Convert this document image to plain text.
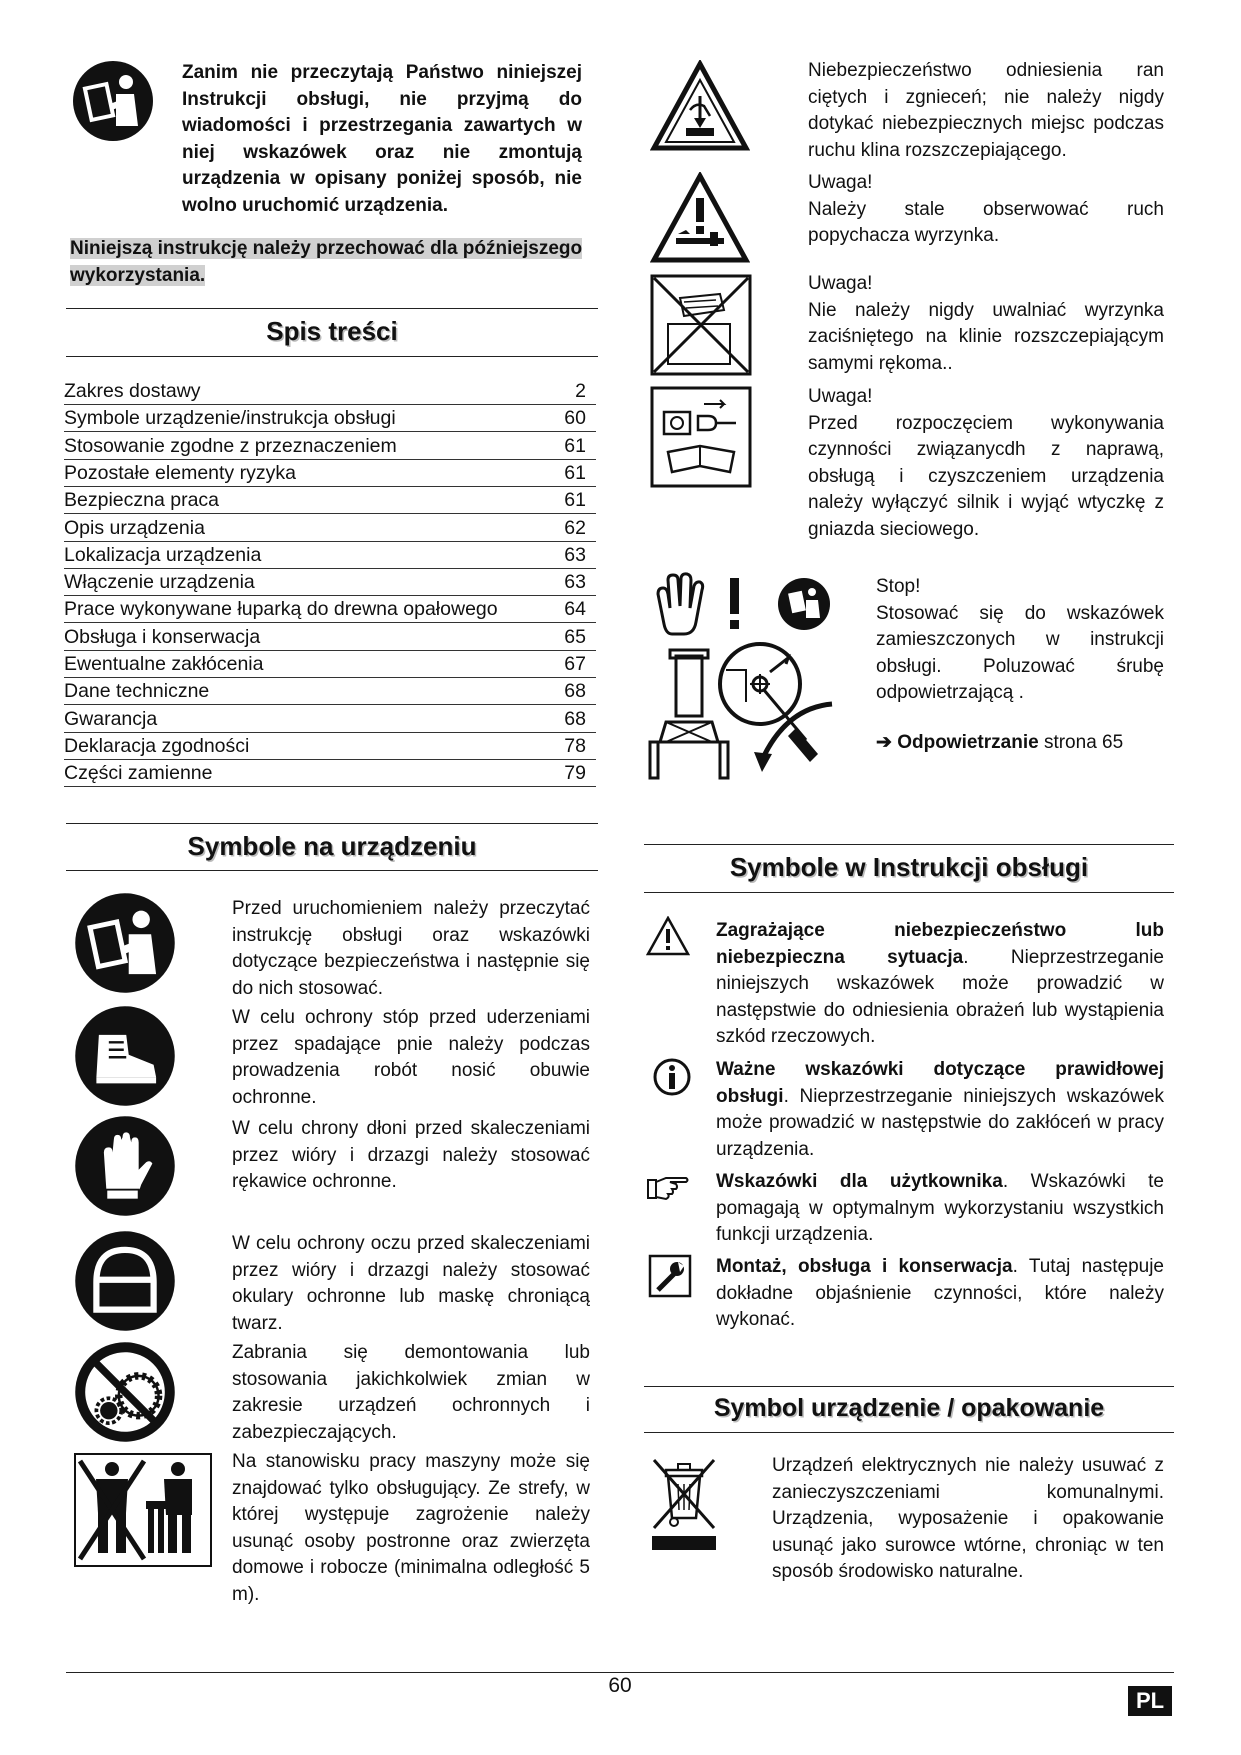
Zanim nie przeczytają Państwo niniejszej Instrukcji obsługi, nie przyjmą do wiadomości i przestrzegania zawartych w niej wskazówek oraz nie zmontują urządzenia w opisany poniżej sposób, nie wolno uruchomić urządzenia.
Niniejszą instrukcję należy przechować dla późniejszego
wykorzystania.
Spis treści
Zakres dostawy	2
Symbole urządzenie/instrukcja obsługi	60
Stosowanie zgodne z przeznaczeniem	61
Pozostałe elementy ryzyka	61
Bezpieczna praca	61
Opis urządzenia	62
Lokalizacja urządzenia	63
Włączenie urządzenia	63
Prace wykonywane łuparką do drewna opałowego	64
Obsługa i konserwacja	65
Ewentualne zakłócenia	67
Dane techniczne	68
Gwarancja	68
Deklaracja zgodności	78
Części zamienne	79
Symbole na urządzeniu
Przed uruchomieniem należy przeczytać instrukcję obsługi oraz wskazówki dotyczące bezpieczeństwa i następnie się do nich stosować.
W celu ochrony stóp przed uderzeniami przez spadające pnie należy podczas prowadzenia robót nosić obuwie ochronne.
W celu chrony dłoni przed skaleczeniami przez wióry i drzazgi należy stosować rękawice ochronne.
W celu ochrony oczu przed skaleczeniami przez wióry i drzazgi należy stosować okulary ochronne lub maskę chroniącą twarz.
Zabrania się demontowania lub stosowania jakichkolwiek zmian w zakresie urządzeń ochronnych i zabezpieczających.
Na stanowisku pracy maszyny może się znajdować tylko obsługujący. Ze strefy, w której występuje zagrożenie należy usunąć osoby postronne oraz zwierzęta domowe i robocze (minimalna odległość 5 m).
Niebezpieczeństwo odniesienia ran ciętych i zgnieceń; nie należy nigdy dotykać niebezpiecznych miejsc podczas ruchu klina rozszczepiającego.
Uwaga!
Należy stale obserwować ruch popychacza wyrzynka.
Uwaga!
Nie należy nigdy uwalniać wyrzynka zaciśniętego na klinie rozszczepiającym samymi rękoma..
Uwaga!
Przed rozpoczęciem wykonywania czynności związanycdh z naprawą, obsługą i czyszczeniem urządzenia należy wyłączyć silnik i wyjąć wtyczkę z gniazda sieciowego.
Stop!
Stosować się do wskazówek zamieszczonych w instrukcji obsługi. Poluzować śrubę odpowietrzającą .
➔ Odpowietrzanie strona 65
Symbole w Instrukcji obsługi
Zagrażające niebezpieczeństwo lub niebezpieczna sytuacja. Nieprzestrzeganie niniejszych wskazówek może prowadzić w następstwie do odniesienia obrażeń lub wystąpienia szkód rzeczowych.
Ważne wskazówki dotyczące prawidłowej obsługi. Nieprzestrzeganie niniejszych wskazówek może prowadzić w następstwie do zakłóceń w pracy urządzenia.
Wskazówki dla użytkownika. Wskazówki te pomagają w optymalnym wykorzystaniu wszystkich funkcji urządzenia.
Montaż, obsługa i konserwacja. Tutaj następuje dokładne objaśnienie czynności, które należy wykonać.
Symbol urządzenie / opakowanie
Urządzeń elektrycznych nie należy usuwać z zanieczyszczeniami komunalnymi. Urządzenia, wyposażenie i opakowanie usunąć jako surowce wtórne, chroniąc w ten sposób środowisko naturalne.
60
PL
